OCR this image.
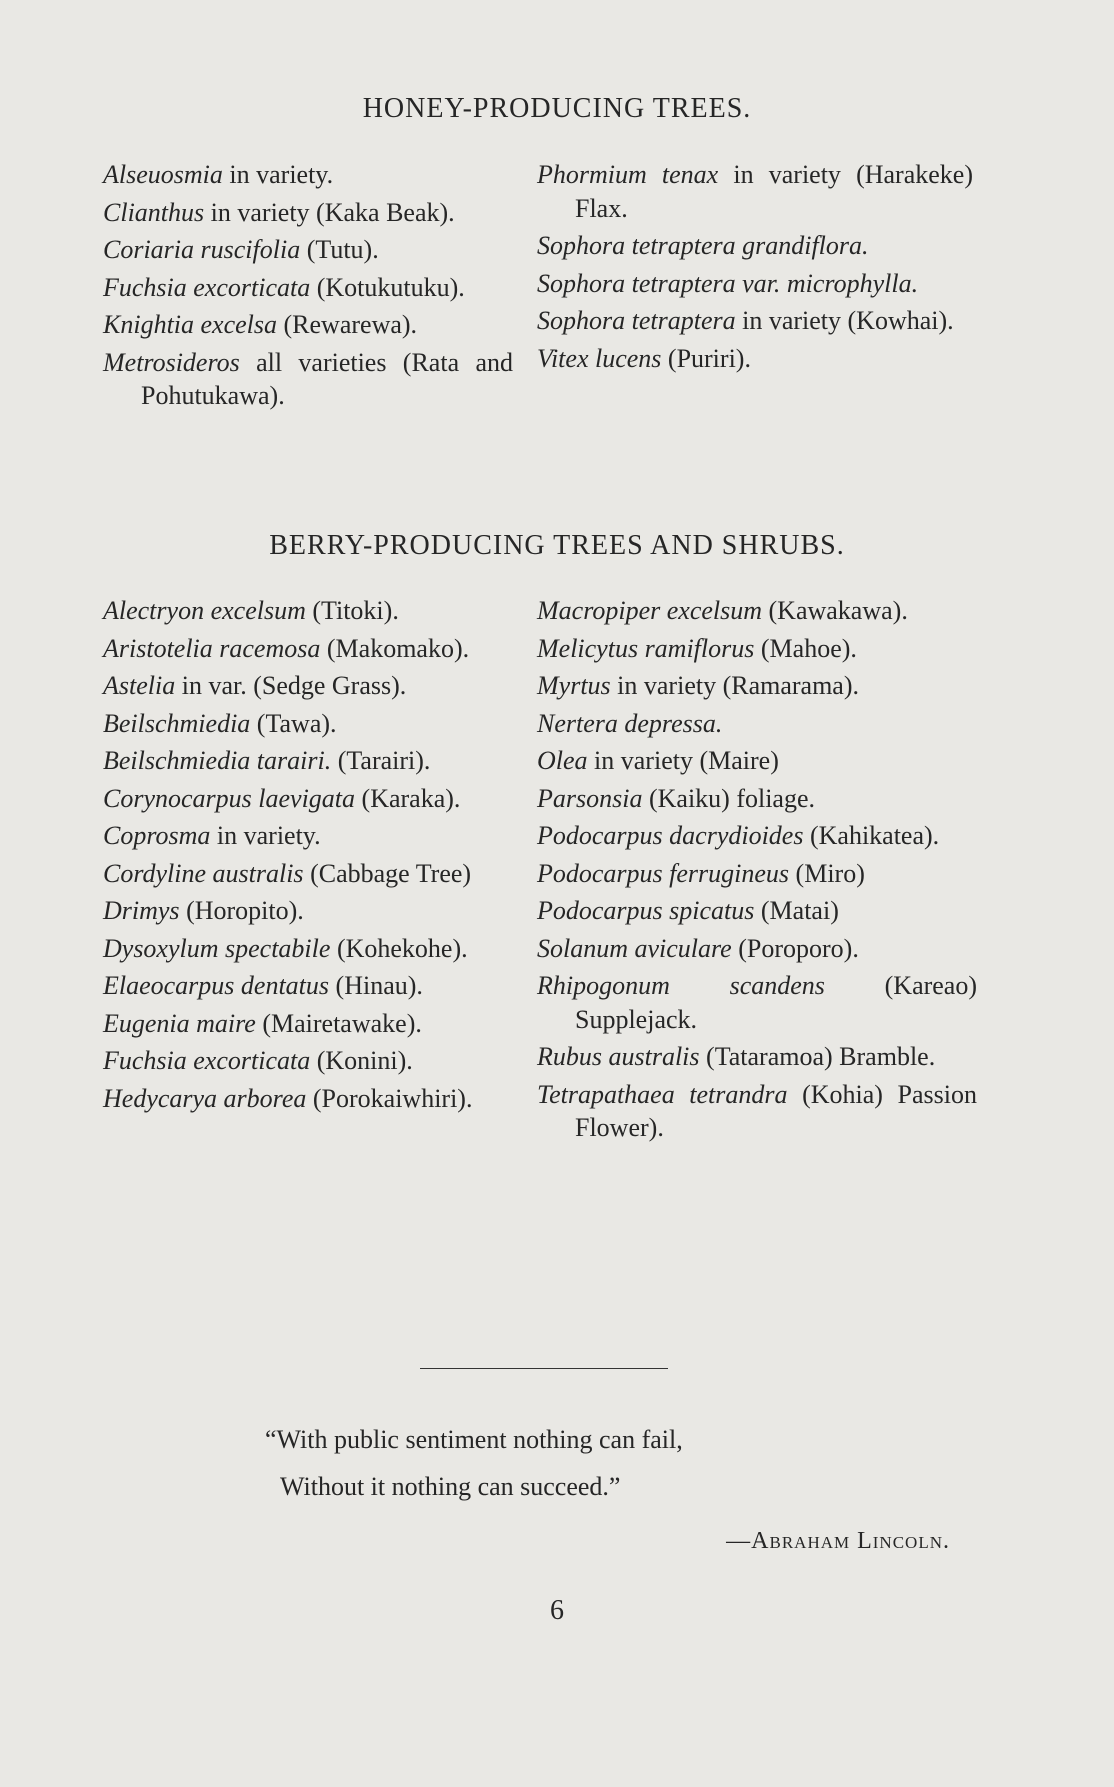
HONEY-PRODUCING TREES.

Alseuosmia in variety.

Clianthus in variety (Kaka Beak).

Coriaria ruscifolia (Tutu).

Fuchsia excorticata (Kotukutuku).

Knightia excelsa (Rewarewa).

Metrosideros all varieties (Rata and Pohutukawa).

Phormium tenax in variety (Harakeke) Flax.

Sophora tetraptera grandiflora.

Sophora tetraptera var. microphylla.

Sophora tetraptera in variety (Kowhai).

Vitex lucens (Puriri).

BERRY-PRODUCING TREES AND SHRUBS.

Alectryon excelsum (Titoki).

Aristotelia racemosa (Makomako).

Astelia in var. (Sedge Grass).

Beilschmiedia (Tawa).

Beilschmiedia tarairi. (Tarairi).

Corynocarpus laevigata (Karaka).

Coprosma in variety.

Cordyline australis (Cabbage Tree)

Drimys (Horopito).

Dysoxylum spectabile (Kohekohe).

Elaeocarpus dentatus (Hinau).

Eugenia maire (Mairetawake).

Fuchsia excorticata (Konini).

Hedycarya arborea (Porokaiwhiri).

Macropiper excelsum (Kawakawa).

Melicytus ramiflorus (Mahoe).

Myrtus in variety (Ramarama).

Nertera depressa.

Olea in variety (Maire)

Parsonsia (Kaiku) foliage.

Podocarpus dacrydioides (Kahikatea).

Podocarpus ferrugineus (Miro)

Podocarpus spicatus (Matai)

Solanum aviculare (Poroporo).

Rhipogonum scandens (Kareao) Supplejack.

Rubus australis (Tataramoa) Bramble.

Tetrapathaea tetrandra (Kohia) Passion Flower).

“With public sentiment nothing can fail,
Without it nothing can succeed.”
—Abraham Lincoln.
6
